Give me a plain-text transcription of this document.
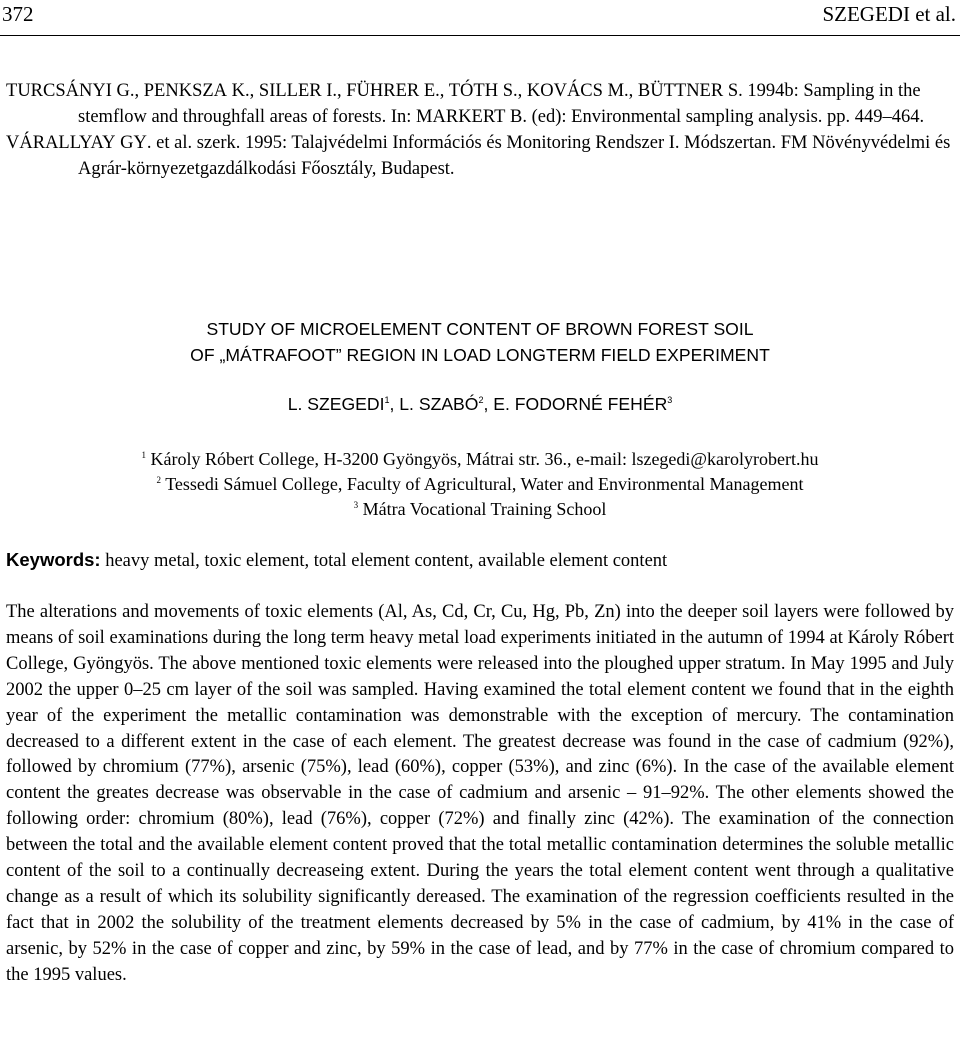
372	SZEGEDI et al.

TURCSÁNYI G., PENKSZA K., SILLER I., FÜHRER E., TÓTH S., KOVÁCS M., BÜTTNER S. 1994b: Sampling in the stemflow and throughfall areas of forests. In: MARKERT B. (ed): Environmental sampling analysis. pp. 449–464.

VÁRALLYAY GY. et al. szerk. 1995: Talajvédelmi Információs és Monitoring Rendszer I. Módszertan. FM Növényvédelmi és Agrár-környezetgazdálkodási Főosztály, Budapest.

STUDY OF MICROELEMENT CONTENT OF BROWN FOREST SOIL
OF „MÁTRAFOOT” REGION IN LOAD LONGTERM FIELD EXPERIMENT
L. SZEGEDI$^1$, L. SZABÓ$^2$, E. FODORNÉ FEHÉR$^3$
$^1$ Károly Róbert College, H-3200 Gyöngyös, Mátrai str. 36., e-mail: lszegedi@karolyrobert.hu
$^2$ Tessedi Sámuel College, Faculty of Agricultural, Water and Environmental Management
$^3$ Mátra Vocational Training School
Keywords: heavy metal, toxic element, total element content, available element content

The alterations and movements of toxic elements (Al, As, Cd, Cr, Cu, Hg, Pb, Zn) into the deeper soil layers were followed by means of soil examinations during the long term heavy metal load experiments initiated in the autumn of 1994 at Károly Róbert College, Gyöngyös. The above mentioned toxic elements were released into the ploughed upper stratum. In May 1995 and July 2002 the upper 0–25 cm layer of the soil was sampled. Having examined the total element content we found that in the eighth year of the experiment the metallic contamination was demonstrable with the exception of mercury. The contamination decreased to a different extent in the case of each element. The greatest decrease was found in the case of cadmium (92%), followed by chromium (77%), arsenic (75%), lead (60%), copper (53%), and zinc (6%). In the case of the available element content the greates decrease was observable in the case of cadmium and arsenic – 91–92%. The other elements showed the following order: chromium (80%), lead (76%), copper (72%) and finally zinc (42%). The examination of the connection between the total and the available element content proved that the total metallic contamination determines the soluble metallic content of the soil to a continually decreaseing extent. During the years the total element content went through a qualitative change as a result of which its solubility significantly dereased. The examination of the regression coefficients resulted in the fact that in 2002 the solubility of the treatment elements decreased by 5% in the case of cadmium, by 41% in the case of arsenic, by 52% in the case of copper and zinc, by 59% in the case of lead, and by 77% in the case of chromium compared to the 1995 values.
